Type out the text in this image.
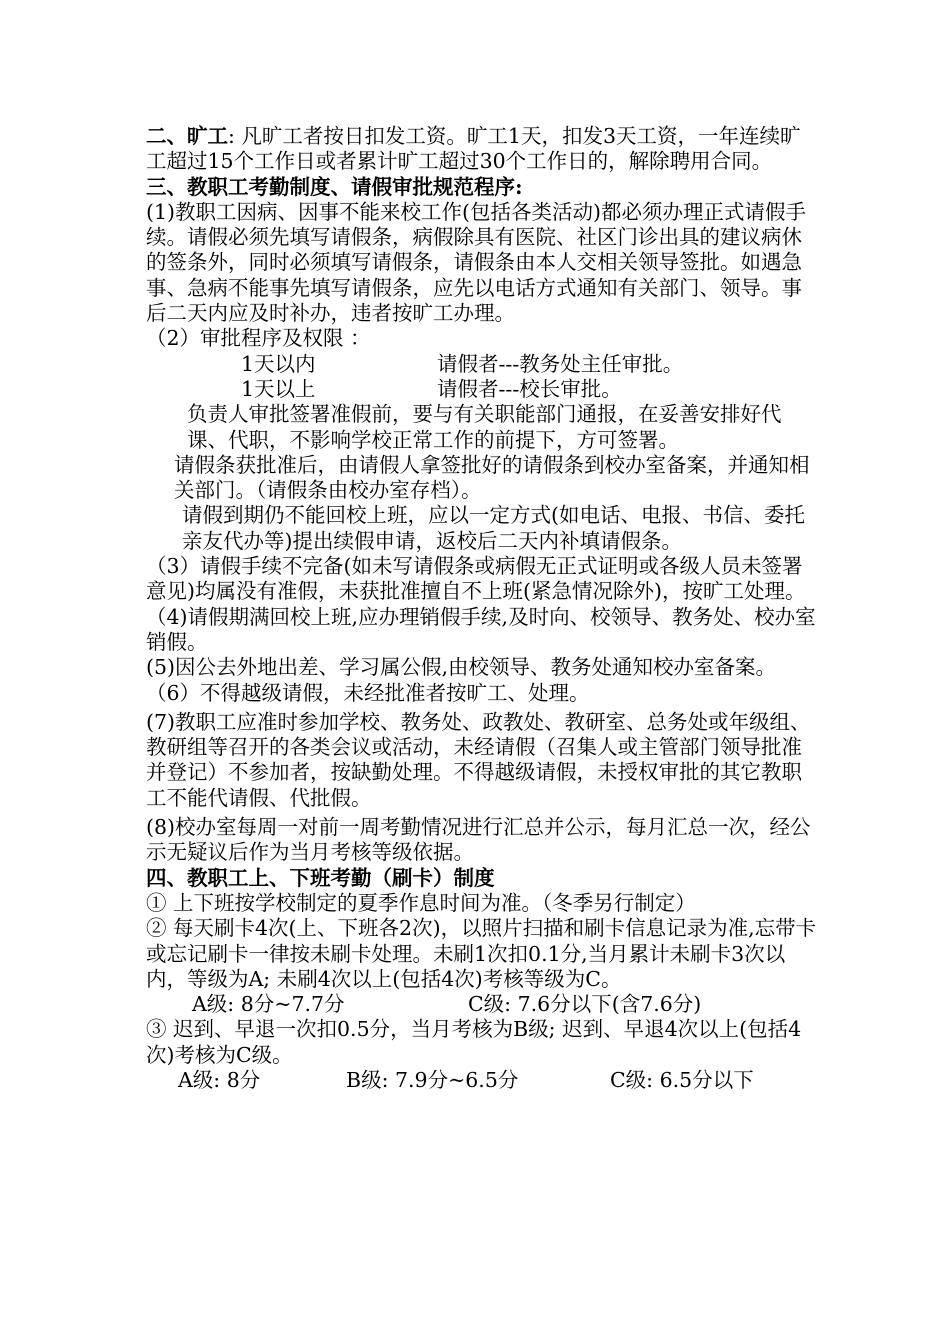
二、旷工: 凡旷工者按日扣发工资。旷工1天，扣发3天工资，一年连续旷工超过15个工作日或者累计旷工超过30个工作日的，解除聘用合同。

三、教职工考勤制度、请假审批规范程序:

(1)教职工因病、因事不能来校工作(包括各类活动)都必须办理正式请假手续。请假必须先填写请假条，病假除具有医院、社区门诊出具的建议病休的签条外，同时必须填写请假条，请假条由本人交相关领导签批。如遇急事、急病不能事先填写请假条，应先以电话方式通知有关部门、领导。事后二天内应及时补办，违者按旷工办理。

（2）审批程序及权限 ：

1天以内	请假者---教务处主任审批。
1天以上	请假者---校长审批。

负责人审批签署准假前，要与有关职能部门通报，在妥善安排好代课、代职，不影响学校正常工作的前提下，方可签署。

请假条获批准后，由请假人拿签批好的请假条到校办室备案，并通知相关部门。（请假条由校办室存档）。

请假到期仍不能回校上班，应以一定方式(如电话、电报、书信、委托亲友代办等)提出续假申请，返校后二天内补填请假条。

（3）请假手续不完备(如未写请假条或病假无正式证明或各级人员未签署意见)均属没有准假，未获批准擅自不上班(紧急情况除外)，按旷工处理。

（4)请假期满回校上班,应办理销假手续,及时向、校领导、教务处、校办室销假。

(5)因公去外地出差、学习属公假,由校领导、教务处通知校办室备案。

（6）不得越级请假，未经批准者按旷工、处理。

(7)教职工应准时参加学校、教务处、政教处、教研室、总务处或年级组、教研组等召开的各类会议或活动，未经请假（召集人或主管部门领导批准并登记）不参加者，按缺勤处理。不得越级请假，未授权审批的其它教职工不能代请假、代批假。

(8)校办室每周一对前一周考勤情况进行汇总并公示，每月汇总一次，经公示无疑议后作为当月考核等级依据。

四、教职工上、下班考勤（刷卡）制度

① 上下班按学校制定的夏季作息时间为准。（冬季另行制定）

② 每天刷卡4次(上、下班各2次)，以照片扫描和刷卡信息记录为准,忘带卡或忘记刷卡一律按未刷卡处理。未刷1次扣0.1分,当月累计未刷卡3次以内，等级为A; 未刷4次以上(包括4次)考核等级为C。

A级: 8分~7.7分	C级: 7.6分以下(含7.6分)

③ 迟到、早退一次扣0.5分，当月考核为B级; 迟到、早退4次以上(包括4次)考核为C级。

A级: 8分	B级: 7.9分~6.5分	C级: 6.5分以下
